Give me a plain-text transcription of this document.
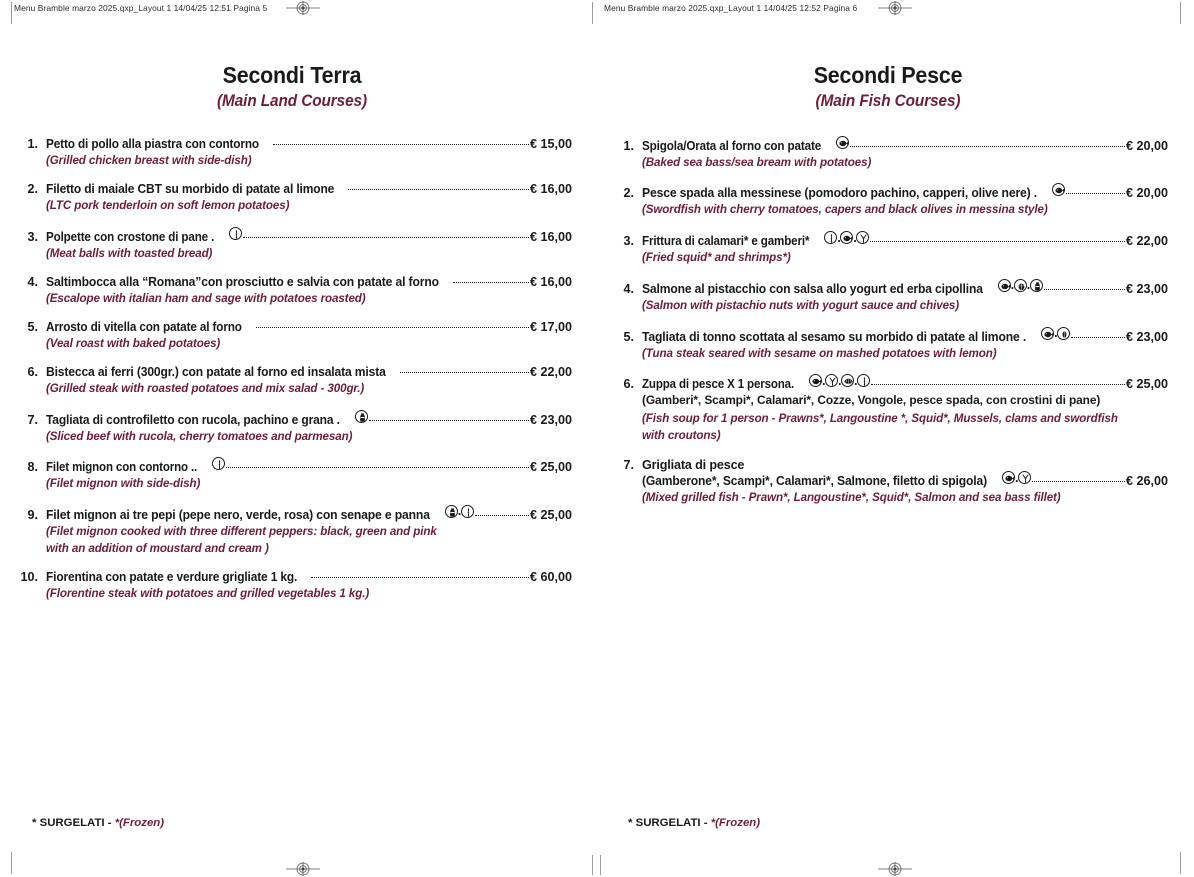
Menu Bramble marzo 2025.qxp_Layout 1 14/04/25 12:51 Pagina 5	Menu Bramble marzo 2025.qxp_Layout 1 14/04/25 12:52 Pagina 6
Secondi Terra
(Main Land Courses)
1. Petto di pollo alla piastra con contorno	€ 15,00
(Grilled chicken breast with side-dish)
2. Filetto di maiale CBT su morbido di patate al limone	€ 16,00
(LTC pork tenderloin on soft lemon potatoes)
3. Polpette con crostone di pane .	€ 16,00
(Meat balls with toasted bread)
4. Saltimbocca alla “Romana”con prosciutto e salvia con patate al forno	€ 16,00
(Escalope with italian ham and sage with potatoes roasted)
5. Arrosto di vitella con patate al forno	€ 17,00
(Veal roast with baked potatoes)
6. Bistecca ai ferri (300gr.) con patate al forno ed insalata mista	€ 22,00
(Grilled steak with roasted potatoes and mix salad - 300gr.)
7. Tagliata di controfiletto con rucola, pachino e grana .	€ 23,00
(Sliced beef with rucola, cherry tomatoes and parmesan)
8. Filet mignon con contorno ..	€ 25,00
(Filet mignon with side-dish)
9. Filet mignon ai tre pepi (pepe nero, verde, rosa) con senape e panna .	€ 25,00
(Filet mignon cooked with three different peppers: black, green and pink
with an addition of moustard and cream )
10. Fiorentina con patate e verdure grigliate 1 kg.	€ 60,00
(Florentine steak with potatoes and grilled vegetables 1 kg.)
Secondi Pesce
(Main Fish Courses)
1. Spigola/Orata al forno con patate	€ 20,00
(Baked sea bass/sea bream with potatoes)
2. Pesce spada alla messinese (pomodoro pachino, capperi, olive nere) .	€ 20,00
(Swordfish with cherry tomatoes, capers and black olives in messina style)
3. Frittura di calamari* e gamberi* . .	€ 22,00
(Fried squid* and shrimps*)
4. Salmone al pistacchio con salsa allo yogurt ed erba cipollina . .	€ 23,00
(Salmon with pistachio nuts with yogurt sauce and chives)
5. Tagliata di tonno scottata al sesamo su morbido di patate al limone . .	€ 23,00
(Tuna steak seared with sesame on mashed potatoes with lemon)
6. Zuppa di pesce X 1 persona. . . .	€ 25,00
(Gamberi*, Scampi*, Calamari*, Cozze, Vongole, pesce spada, con crostini di pane)
(Fish soup for 1 person - Prawns*, Langoustine *, Squid*, Mussels, clams and swordfish
with croutons)
7. Grigliata di pesce
(Gamberone*, Scampi*, Calamari*, Salmone, filetto di spigola) .	€ 26,00
(Mixed grilled fish - Prawn*, Langoustine*, Squid*, Salmon and sea bass fillet)
* SURGELATI - *(Frozen)	* SURGELATI - *(Frozen)
